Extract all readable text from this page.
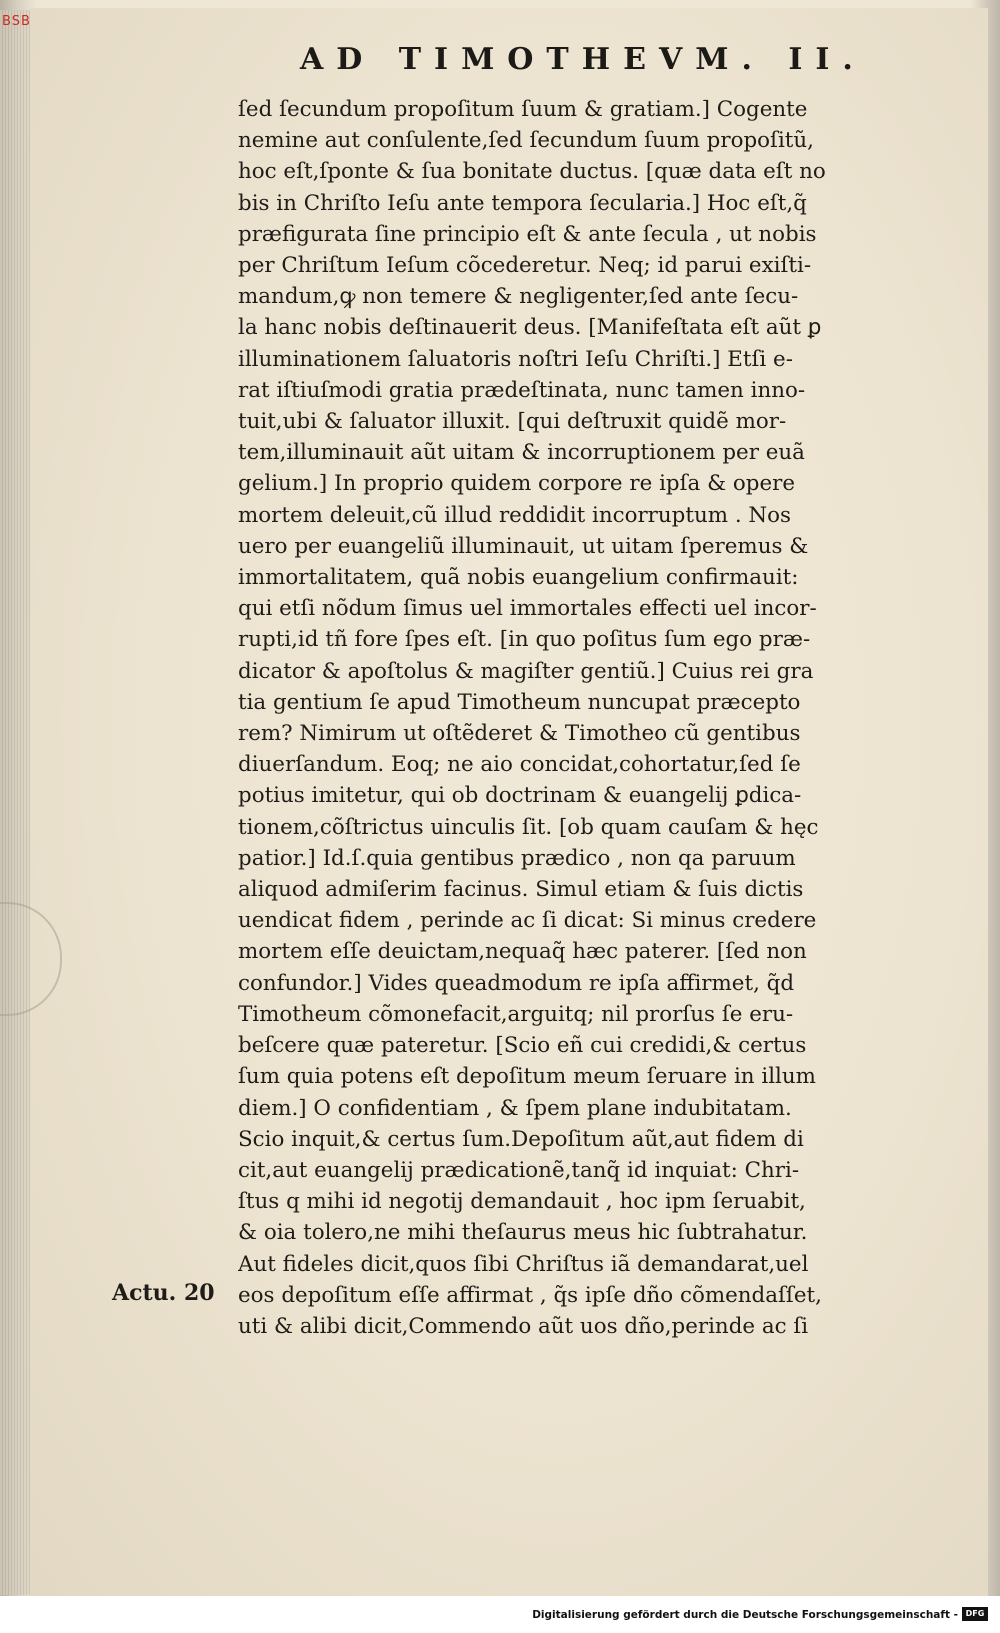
BSB
AD TIMOTHEVM. II.
ſed ſecundum propoſitum ſuum & gratiam.] Cogente
nemine aut conſulente,ſed ſecundum ſuum propoſitũ,
hoc eſt,ſponte & ſua bonitate ductus. [quæ data eſt no
bis in Chriſto Ieſu ante tempora ſecularia.] Hoc eſt,q̃
præfigurata ſine principio eſt & ante ſecula , ut nobis
per Chriſtum Ieſum cõcederetur. Neq; id parui exiſti-
mandum,ꝙ non temere & negligenter,ſed ante ſecu-
la hanc nobis deſtinauerit deus. [Manifeſtata eſt aũt ꝑ
illuminationem ſaluatoris noſtri Ieſu Chriſti.] Etſi e-
rat iſtiuſmodi gratia prædeſtinata, nunc tamen inno-
tuit,ubi & ſaluator illuxit. [qui deſtruxit quidẽ mor-
tem,illuminauit aũt uitam & incorruptionem per euã
gelium.] In proprio quidem corpore re ipſa & opere
mortem deleuit,cũ illud reddidit incorruptum . Nos
uero per euangeliũ illuminauit, ut uitam ſperemus &
immortalitatem, quã nobis euangelium confirmauit:
qui etſi nõdum ſimus uel immortales effecti uel incor-
rupti,id tñ fore ſpes eſt. [in quo poſitus ſum ego præ-
dicator & apoſtolus & magiſter gentiũ.] Cuius rei gra
tia gentium ſe apud Timotheum nuncupat præcepto
rem? Nimirum ut oſtẽderet & Timotheo cũ gentibus
diuerſandum. Eoq; ne aio concidat,cohortatur,ſed ſe
potius imitetur, qui ob doctrinam & euangelij ꝑdica-
tionem,cõſtrictus uinculis ſit. [ob quam cauſam & hęc
patior.] Id.ſ.quia gentibus prædico , non qa paruum
aliquod admiſerim facinus. Simul etiam & ſuis dictis
uendicat fidem , perinde ac ſi dicat: Si minus credere
mortem eſſe deuictam,nequaq̃ hæc paterer. [ſed non
confundor.] Vides queadmodum re ipſa affirmet, q̃d
Timotheum cõmonefacit,arguitq; nil prorſus ſe eru-
beſcere quæ pateretur. [Scio eñ cui credidi,& certus
ſum quia potens eſt depoſitum meum ſeruare in illum
diem.] O confidentiam , & ſpem plane indubitatam.
Scio inquit,& certus ſum.Depoſitum aũt,aut fidem di
cit,aut euangelij prædicationẽ,tanq̃ id inquiat: Chri-
ſtus q mihi id negotij demandauit , hoc ipm ſeruabit,
& oia tolero,ne mihi theſaurus meus hic ſubtrahatur.
Aut fideles dicit,quos ſibi Chriſtus iã demandarat,uel
eos depoſitum eſſe affirmat , q̃s ipſe dño cõmendaſſet,
uti & alibi dicit,Commendo aũt uos dño,perinde ac ſi
Actu. 20
Digitalisierung gefördert durch die Deutsche Forschungsgemeinschaft - DFG
